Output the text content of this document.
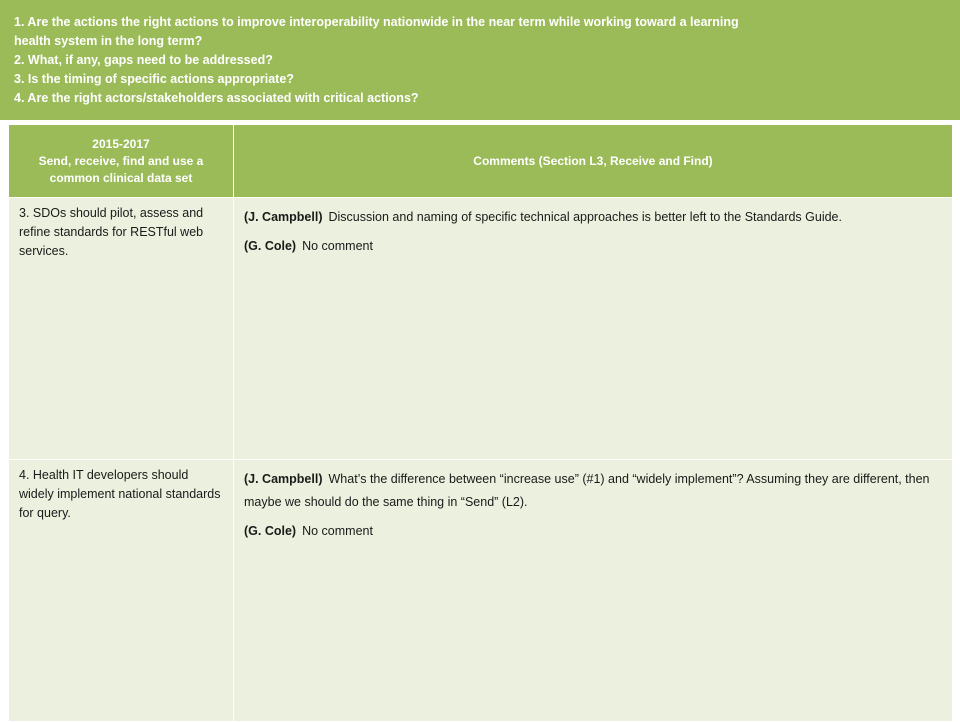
1. Are the actions the right actions to improve interoperability nationwide in the near term while working toward a learning
health system in the long term?
2. What, if any, gaps need to be addressed?
3. Is the timing of specific actions appropriate?
4. Are the right actors/stakeholders associated with critical actions?
2015-2017
Send, receive, find and use a common clinical data set	Comments (Section L3, Receive and Find)
3. SDOs should pilot, assess and refine standards for RESTful web services.	(J. Campbell) Discussion and naming of specific technical approaches is better left to the Standards Guide.
(G. Cole) No comment

4. Health IT developers should widely implement national standards for query.	(J. Campbell) What’s the difference between “increase use” (#1) and “widely implement”? Assuming they are different, then maybe we should do the same thing in “Send” (L2).
(G. Cole) No comment
